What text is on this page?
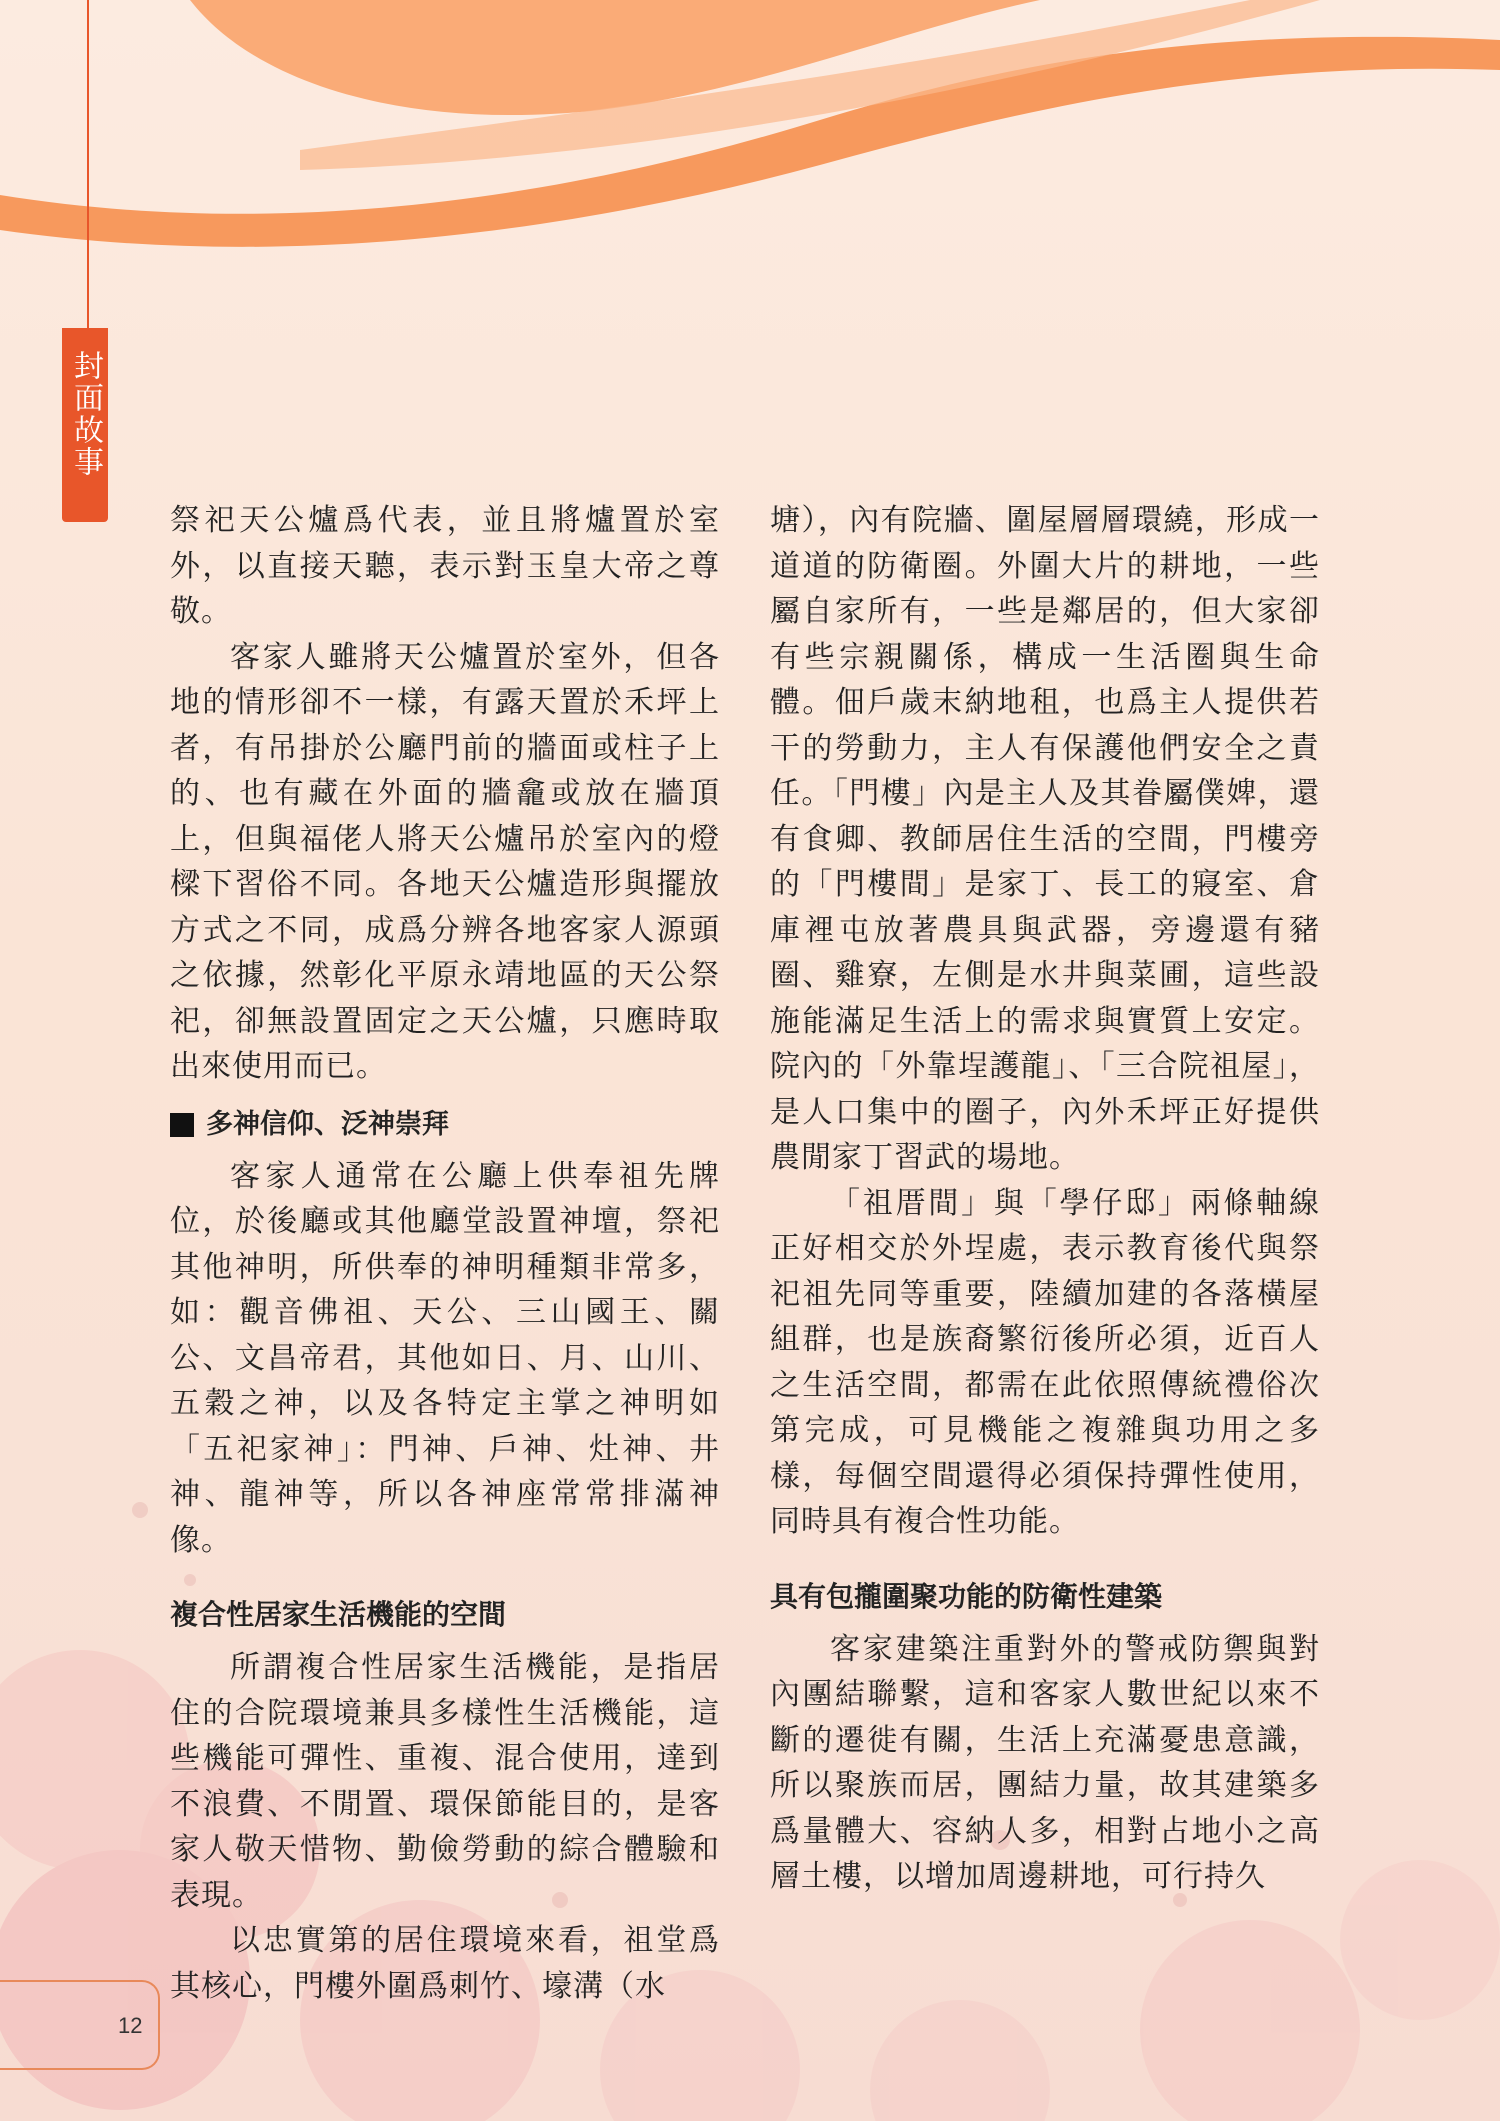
封面故事

祭祀天公爐爲代表，並且將爐置於室外，以直接天聽，表示對玉皇大帝之尊敬。

客家人雖將天公爐置於室外，但各地的情形卻不一樣，有露天置於禾坪上者，有吊掛於公廳門前的牆面或柱子上的、也有藏在外面的牆龕或放在牆頂上，但與福佬人將天公爐吊於室內的燈樑下習俗不同。各地天公爐造形與擺放方式之不同，成爲分辨各地客家人源頭之依據，然彰化平原永靖地區的天公祭祀，卻無設置固定之天公爐，只應時取出來使用而已。

多神信仰、泛神崇拜

客家人通常在公廳上供奉祖先牌位，於後廳或其他廳堂設置神壇，祭祀其他神明，所供奉的神明種類非常多，如：觀音佛祖、天公、三山國王、關公、文昌帝君，其他如日、月、山川、五穀之神，以及各特定主掌之神明如「五祀家神」：門神、戶神、灶神、井神、龍神等，所以各神座常常排滿神像。

複合性居家生活機能的空間

所謂複合性居家生活機能，是指居住的合院環境兼具多樣性生活機能，這些機能可彈性、重複、混合使用，達到不浪費、不閒置、環保節能目的，是客家人敬天惜物、勤儉勞動的綜合體驗和表現。

以忠實第的居住環境來看，祖堂爲其核心，門樓外圍爲刺竹、壕溝（水

塘），內有院牆、圍屋層層環繞，形成一道道的防衛圈。外圍大片的耕地，一些屬自家所有，一些是鄰居的，但大家卻有些宗親關係，構成一生活圈與生命體。佃戶歲末納地租，也爲主人提供若干的勞動力，主人有保護他們安全之責任。「門樓」內是主人及其眷屬僕婢，還有食卿、教師居住生活的空間，門樓旁的「門樓間」是家丁、長工的寢室、倉庫裡屯放著農具與武器，旁邊還有豬圈、雞寮，左側是水井與菜圃，這些設施能滿足生活上的需求與實質上安定。院內的「外靠埕護龍」、「三合院祖屋」，是人口集中的圈子，內外禾坪正好提供農閒家丁習武的場地。

「祖厝間」與「學仔邸」兩條軸線正好相交於外埕處，表示教育後代與祭祀祖先同等重要，陸續加建的各落橫屋組群，也是族裔繁衍後所必須，近百人之生活空間，都需在此依照傳統禮俗次第完成，可見機能之複雜與功用之多樣，每個空間還得必須保持彈性使用，同時具有複合性功能。

具有包攏圍聚功能的防衛性建築

客家建築注重對外的警戒防禦與對內團結聯繫，這和客家人數世紀以來不斷的遷徙有關，生活上充滿憂患意識，所以聚族而居，團結力量，故其建築多爲量體大、容納人多，相對占地小之高層土樓，以增加周邊耕地，可行持久

12
